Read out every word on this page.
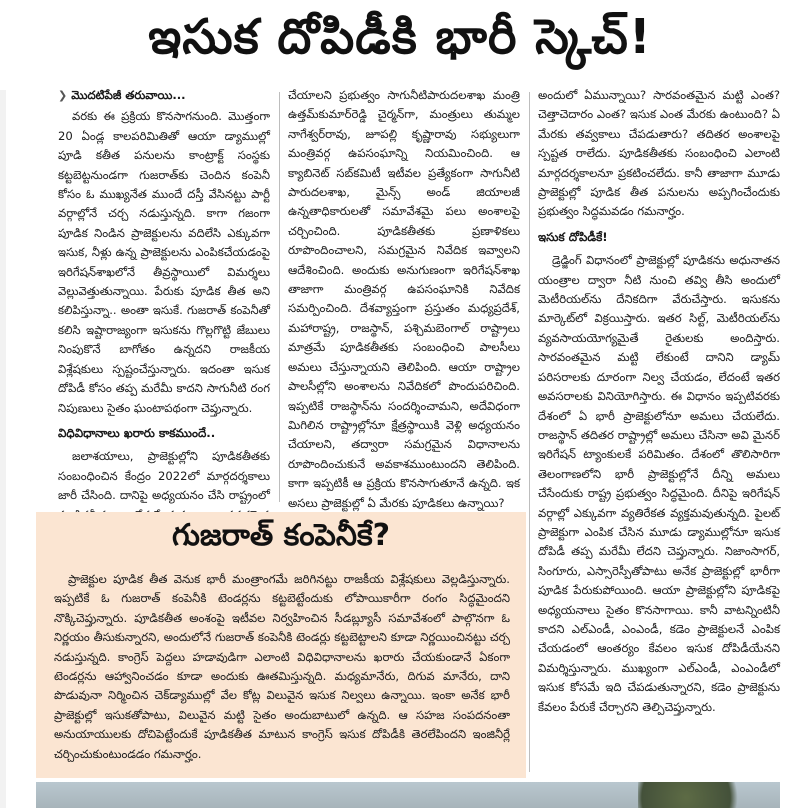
ఇసుక దోపిడీకి భారీ స్కెచ్!
❯ మొదటిపేజీ తరువాయి...

వరకు ఈ ప్రక్రియ కొనసాగనుంది. మొత్తంగా 20 ఏండ్ల కాలపరిమితితో ఆయా డ్యాముల్లో పూడి కతీత పనులను కాంట్రాక్ట్ సంస్థకు కట్టబెట్టనుండగా గుజరాత్‌కు చెందిన కంపెనీ కోసం ఓ ముఖ్యనేత ముందే దస్తీ వేసినట్టు పార్టీ వర్గాల్లోనే చర్చ నడుస్తున్నది. కాగా గజంగా పూడిక నిండిన ప్రాజెక్టులను వదిలేసి ఎక్కువగా ఇసుక, నీళ్లు ఉన్న ప్రాజెక్టులను ఎంపికచేయడంపై ఇరిగేషన్‌శాఖలోనే తీవ్రస్థాయిలో విమర్శలు వెల్లువెత్తుతున్నాయి. పేరుకు పూడిక తీత అని కలిపిస్తున్నా.. అంతా ఇసుకే. గుజరాత్ కంపెనీతో కలిసి ఇష్టారాజ్యంగా ఇసుకను గొల్లగొట్టి జేబులు నింపుకొనే బాగోతం ఉన్నదని రాజకీయ విశ్లేషకులు స్పష్టంచేస్తున్నారు. ఇదంతా ఇసుక దోపిడీ కోసం తప్ప మరేమీ కాదని సాగునీటి రంగ నిపుణులు సైతం ఘంటాపథంగా చెప్తున్నారు.

విధివిధానాలు ఖరారు కాకముందే..

జలాశయాలు, ప్రాజెక్టుల్లోని పూడికతీతకు సంబంధించిన కేంద్రం 2022లో మార్గదర్శకాలు జారీ చేసింది. దానిపై అధ్యయనం చేసి రాష్ట్రంలో

చేయాలని ప్రభుత్వం సాగునీటిపారుదలశాఖ మంత్రి ఉత్తమ్‌కుమార్‌రెడ్డి చైర్మన్‌గా, మంత్రులు తుమ్మల నాగేశ్వర్‌రావు, జూపల్లి కృష్ణారావు సభ్యులుగా మంత్రివర్గ ఉపసంఘాన్ని నియమించింది. ఆ క్యాబినెట్ సబ్‌కమిటీ ఇటీవల ప్రత్యేకంగా సాగునీటి పారుదలశాఖ, మైన్స్ అండ్ జియాలజీ ఉన్నతాధికారులతో సమావేశమై పలు అంశాలపై చర్చించింది. పూడికతీతకు ప్రణాళికలు రూపొందించాలని, సమగ్రమైన నివేదిక ఇవ్వాలని ఆదేశించింది. అందుకు అనుగుణంగా ఇరిగేషన్‌శాఖ తాజాగా మంత్రివర్గ ఉపసంఘానికి నివేదిక సమర్పించింది. దేశవ్యాప్తంగా ప్రస్తుతం మధ్యప్రదేశ్, మహారాష్ట్ర, రాజస్థాన్, పశ్చిమబెంగాల్ రాష్ట్రాలు మాత్రమే పూడికతీతకు సంబంధించి పాలసీలు అమలు చేస్తున్నాయని తెలిపింది. ఆయా రాష్ట్రాల పాలసీల్లోని అంశాలను నివేదికలో పొందుపరిచింది. ఇప్పటికే రాజస్థాన్‌ను సందర్శించామని, అదేవిధంగా మిగిలిన రాష్ట్రాల్లోనూ క్షేత్రస్థాయికి వెళ్లి అధ్యయనం చేయాలని, తద్వారా సమగ్రమైన విధానాలను రూపొందించుకునే అవకాశముంటుందని తెలిపింది. కాగా ఇప్పటికీ ఆ ప్రక్రియ కొనసాగుతూనే ఉన్నది. ఇక అసలు ప్రాజెక్టుల్లో ఏ మేరకు పూడికలు ఉన్నాయి?

అందులో ఏమున్నాయి? సారవంతమైన మట్టి ఎంత? చెత్తాచెదారం ఎంత? ఇసుక ఎంత మేరకు ఉంటుంది? ఏ మేరకు తవ్వకాలు చేపడుతారు? తదితర అంశాలపై స్పష్టత రాలేదు. పూడికతీతకు సంబంధించి ఎలాంటి మార్గదర్శకాలనూ ప్రకటించలేదు. కానీ తాజాగా మూడు ప్రాజెక్టుల్లో పూడిక తీత పనులను అప్పగించేందుకు ప్రభుత్వం సిద్ధమవడం గమనార్హం.

ఇసుక దోపిడీకే!

డ్రెడ్జింగ్ విధానంలో ప్రాజెక్టుల్లో పూడికను అధునాతన యంత్రాల ద్వారా నీటి నుంచి తవ్వి తీసి అందులో మెటీరియల్‌ను దేనికదిగా వేరుచేస్తారు. ఇసుకను మార్కెట్‌లో విక్రయిస్తారు. ఇతర సిల్ట్, మెటీరియల్‌ను వ్యవసాయయోగ్యమైతే రైతులకు అందిస్తారు. సారవంతమైన మట్టి లేకుంటే దానిని డ్యామ్ పరిసరాలకు దూరంగా నిల్వ చేయడం, లేదంటే ఇతర అవసరాలకు వినియోగిస్తారు. ఈ విధానం ఇప్పటివరకు దేశంలో ఏ భారీ ప్రాజెక్టులోనూ అమలు చేయలేదు. రాజస్థాన్ తదితర రాష్ట్రాల్లో అమలు చేసినా అవి మైనర్ ఇరిగేషన్ ట్యాంకులకే పరిమితం. దేశంలో తొలిసారిగా తెలంగాణలోని భారీ ప్రాజెక్టుల్లోనే దీన్ని అమలు చేసేందుకు రాష్ట్ర ప్రభుత్వం సిద్ధమైంది. దీనిపై ఇరిగేషన్ వర్గాల్లో ఎక్కువగా వ్యతిరేకత వ్యక్తమవుతున్నది. పైలట్ ప్రాజెక్టుగా ఎంపిక చేసిన మూడు డ్యాముల్లోనూ ఇసుక దోపిడీ తప్ప మరేమీ లేదని చెప్తున్నారు. నిజాంసాగర్, సింగూరు, ఎస్సారెస్పీతోపాటు అనేక ప్రాజెక్టుల్లో భారీగా పూడిక పేరుకుపోయింది. ఆయా ప్రాజెక్టుల్లోని పూడికపై అధ్యయనాలు సైతం కొనసాగాయి. కానీ వాటన్నింటినీ కాదని ఎల్ఎండీ, ఎంఎండీ, కడెం ప్రాజెక్టులనే ఎంపిక చేయడంలో ఆంతర్యం కేవలం ఇసుక దోపిడీయేనని విమర్శిస్తున్నారు. ముఖ్యంగా ఎల్ఎండీ, ఎంఎండీలో ఇసుక కోసమే ఇది చేపడుతున్నారని, కడెం ప్రాజెక్టును కేవలం పేరుకే చేర్చారని తెల్పిచెప్తున్నారు.

గుజరాత్ కంపెనీకే?

ప్రాజెక్టుల పూడిక తీత వెనుక భారీ మంత్రాంగమే జరిగినట్టు రాజకీయ విశ్లేషకులు వెల్లడిస్తున్నారు. ఇప్పటికే ఓ గుజరాత్ కంపెనీకి టెండర్లను కట్టబెట్టేందుకు లోపాయికారీగా రంగం సిద్ధమైందని నొక్కిచెప్తున్నారు. పూడికతీత అంశంపై ఇటీవల నిర్వహించిన సీడబ్ల్యూసీ సమావేశంలో పాల్గొనగా ఓ నిర్ణయం తీసుకున్నారని, అందులోనే గుజరాత్ కంపెనీకి టెండర్లు కట్టబెట్టాలని కూడా నిర్ణయించినట్టు చర్చ నడుస్తున్నది. కాంగ్రెస్ పెద్దలు హడావుడిగా ఎలాంటి విధివిధానాలను ఖరారు చేయకుండానే ఏకంగా టెండర్లను ఆహ్వానించడం కూడా అందుకు ఊతమిస్తున్నది. మధ్యమానేరు, దిగువ మానేరు, దాని పొడువునా నిర్మించిన చెక్‌డ్యాముల్లో వేల కోట్ల విలువైన ఇసుక నిల్వలు ఉన్నాయి. ఇంకా అనేక భారీ ప్రాజెక్టుల్లో ఇసుకతోపాటు, విలువైన మట్టి సైతం అందుబాటులో ఉన్నది. ఆ సహజ సంపదనంతా అనుయాయులకు దోచిపెట్టేందుకే పూడికతీత మాటున కాంగ్రెస్ ఇసుక దోపిడీకి తెరలేపిందని ఇంజినీర్లే చర్చించుకుంటుండడం గమనార్హం.
